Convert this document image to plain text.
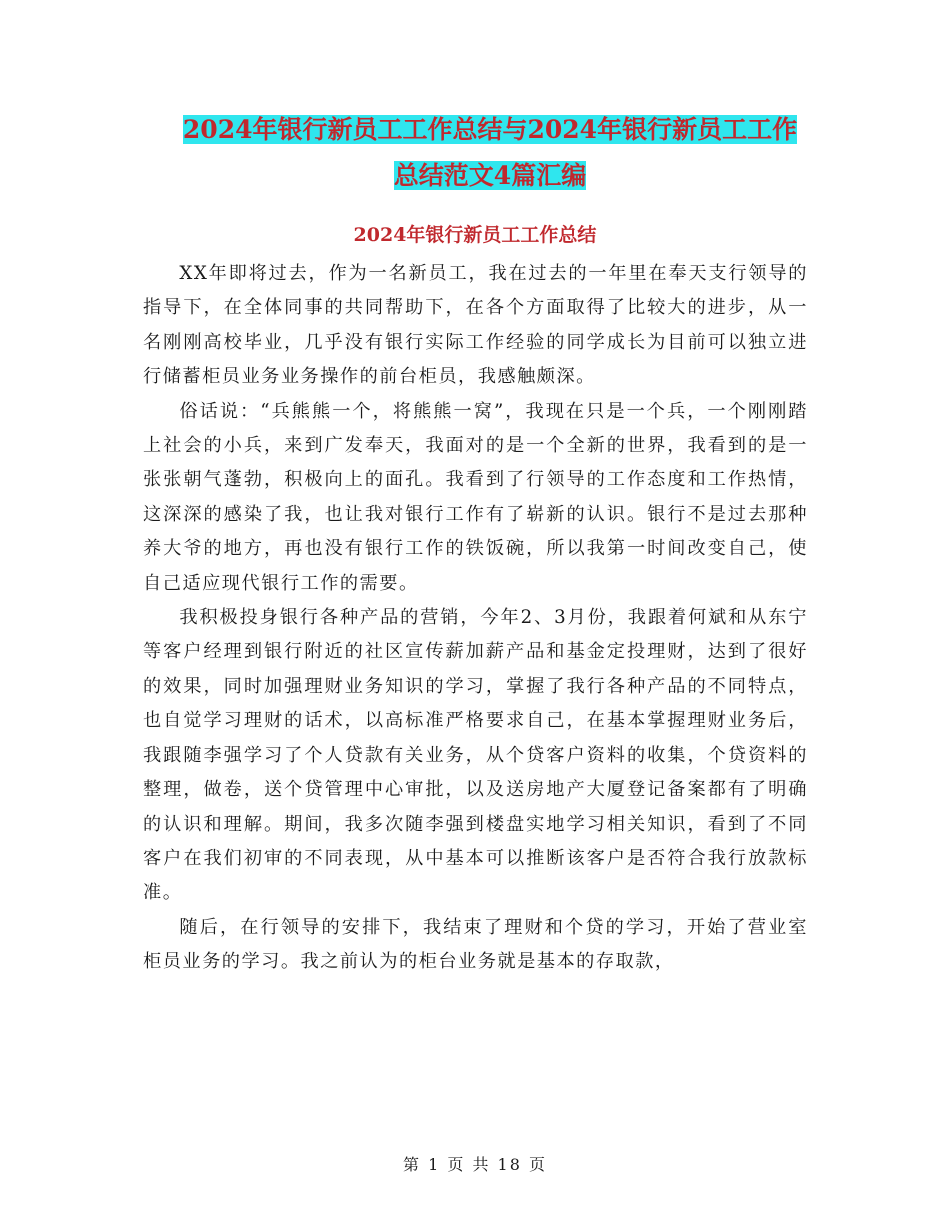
2024年银行新员工工作总结与2024年银行新员工工作
总结范文4篇汇编
2024年银行新员工工作总结

XX年即将过去，作为一名新员工，我在过去的一年里在奉天支行领导的指导下，在全体同事的共同帮助下，在各个方面取得了比较大的进步，从一名刚刚高校毕业，几乎没有银行实际工作经验的同学成长为目前可以独立进行储蓄柜员业务业务操作的前台柜员，我感触颇深。

俗话说：“兵熊熊一个，将熊熊一窝”，我现在只是一个兵，一个刚刚踏上社会的小兵，来到广发奉天，我面对的是一个全新的世界，我看到的是一张张朝气蓬勃，积极向上的面孔。我看到了行领导的工作态度和工作热情，这深深的感染了我，也让我对银行工作有了崭新的认识。银行不是过去那种养大爷的地方，再也没有银行工作的铁饭碗，所以我第一时间改变自己，使自己适应现代银行工作的需要。

我积极投身银行各种产品的营销，今年2、3月份，我跟着何斌和从东宁等客户经理到银行附近的社区宣传薪加薪产品和基金定投理财，达到了很好的效果，同时加强理财业务知识的学习，掌握了我行各种产品的不同特点，也自觉学习理财的话术，以高标准严格要求自己，在基本掌握理财业务后，我跟随李强学习了个人贷款有关业务，从个贷客户资料的收集，个贷资料的整理，做卷，送个贷管理中心审批，以及送房地产大厦登记备案都有了明确的认识和理解。期间，我多次随李强到楼盘实地学习相关知识，看到了不同客户在我们初审的不同表现，从中基本可以推断该客户是否符合我行放款标准。

随后，在行领导的安排下，我结束了理财和个贷的学习，开始了营业室柜员业务的学习。我之前认为的柜台业务就是基本的存取款，

第 1 页 共 18 页
